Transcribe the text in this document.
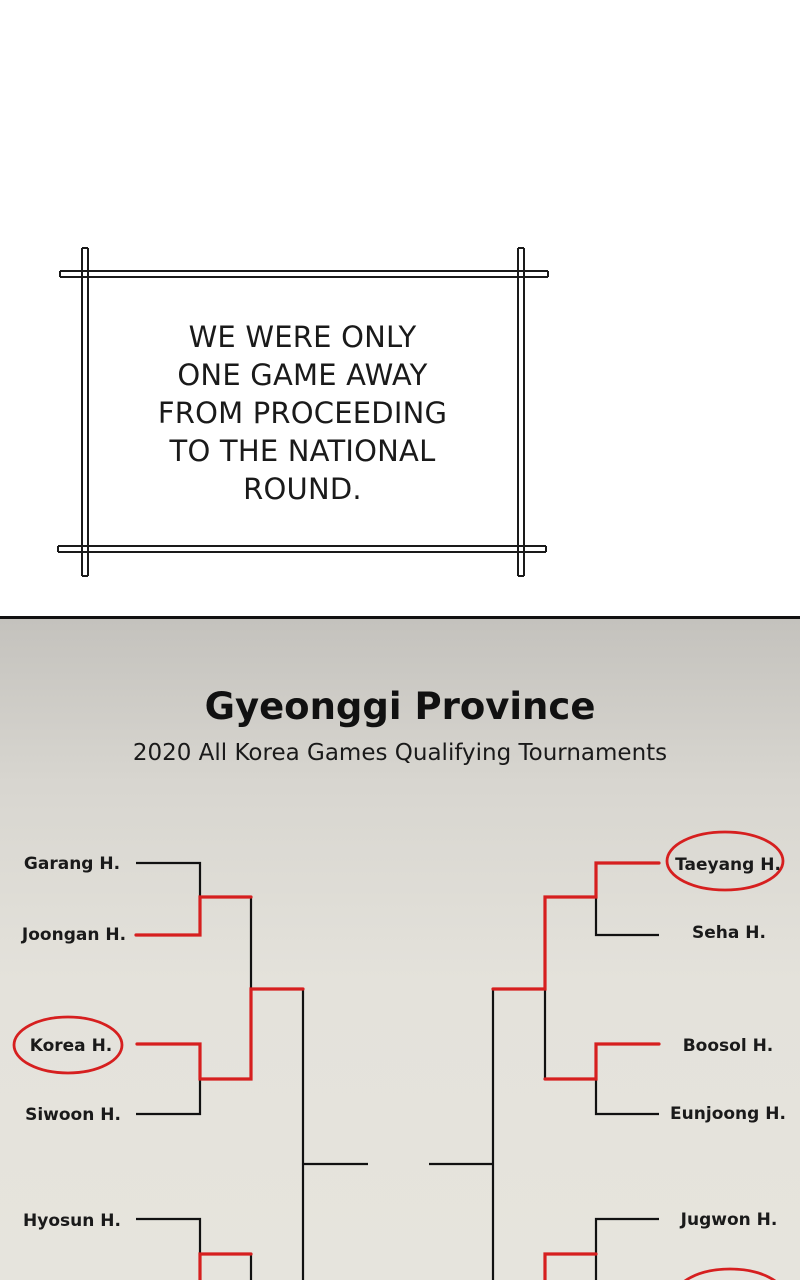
WE WERE ONLY
ONE GAME AWAY
FROM PROCEEDING
TO THE NATIONAL
ROUND.
Gyeonggi Province
2020 All Korea Games Qualifying Tournaments
Garang H.
Joongan H.
Korea H.
Siwoon H.
Hyosun H.
Taeyang H.
Seha H.
Boosol H.
Eunjoong H.
Jugwon H.
